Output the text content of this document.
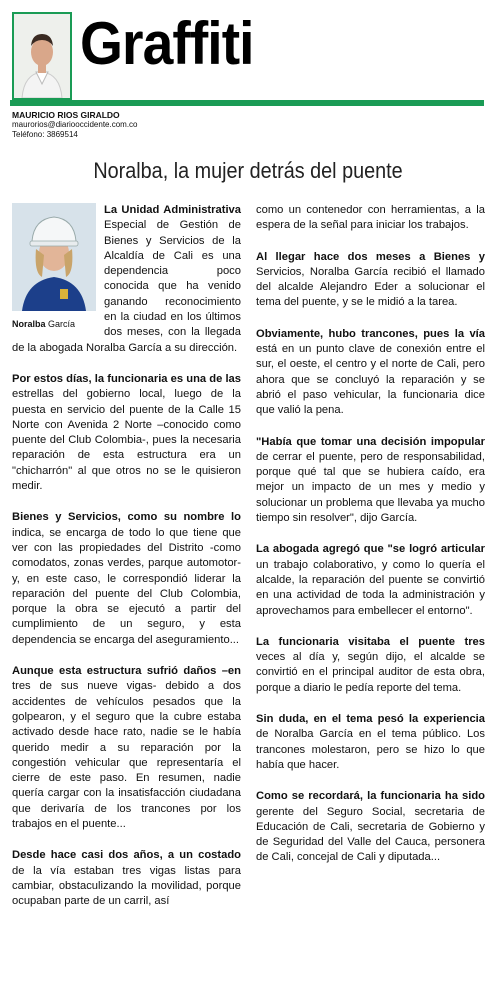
Graffiti
MAURICIO RIOS GIRALDO
maurorios@diariooccidente.com.co
Teléfono: 3869514
Noralba, la mujer detrás del puente
Noralba García

La Unidad Administrativa Especial de Gestión de Bienes y Servicios de la Alcaldía de Cali es una dependencia poco conocida que ha venido ganando reconocimiento en la ciudad en los últimos dos meses, con la llegada de la abogada Noralba García a su dirección.

Por estos días, la funcionaria es una de las estrellas del gobierno local, luego de la puesta en servicio del puente de la Calle 15 Norte con Avenida 2 Norte –conocido como puente del Club Colombia-, pues la necesaria reparación de esta estructura era un "chicharrón" al que otros no se le quisieron medir.

Bienes y Servicios, como su nombre lo indica, se encarga de todo lo que tiene que ver con las propiedades del Distrito -como comodatos, zonas verdes, parque automotor- y, en este caso, le correspondió liderar la reparación del puente del Club Colombia, porque la obra se ejecutó a partir del cumplimiento de un seguro, y esta dependencia se encarga del aseguramiento...

Aunque esta estructura sufrió daños –en tres de sus nueve vigas- debido a dos accidentes de vehículos pesados que la golpearon, y el seguro que la cubre estaba activado desde hace rato, nadie se le había querido medir a su reparación por la congestión vehicular que representaría el cierre de este paso. En resumen, nadie quería cargar con la insatisfacción ciudadana que derivaría de los trancones por los trabajos en el puente...

Desde hace casi dos años, a un costado de la vía estaban tres vigas listas para cambiar, obstaculizando la movilidad, porque ocupaban parte de un carril, así

como un contenedor con herramientas, a la espera de la señal para iniciar los trabajos.

Al llegar hace dos meses a Bienes y Servicios, Noralba García recibió el llamado del alcalde Alejandro Eder a solucionar el tema del puente, y se le midió a la tarea.

Obviamente, hubo trancones, pues la vía está en un punto clave de conexión entre el sur, el oeste, el centro y el norte de Cali, pero ahora que se concluyó la reparación y se abrió el paso vehicular, la funcionaria dice que valió la pena.

"Había que tomar una decisión impopular de cerrar el puente, pero de responsabilidad, porque qué tal que se hubiera caído, era mejor un impacto de un mes y medio y solucionar un problema que llevaba ya mucho tiempo sin resolver", dijo García.

La abogada agregó que "se logró articular un trabajo colaborativo, y como lo quería el alcalde, la reparación del puente se convirtió en una actividad de toda la administración y aprovechamos para embellecer el entorno".

La funcionaria visitaba el puente tres veces al día y, según dijo, el alcalde se convirtió en el principal auditor de esta obra, porque a diario le pedía reporte del tema.

Sin duda, en el tema pesó la experiencia de Noralba García en el tema público. Los trancones molestaron, pero se hizo lo que había que hacer.

Como se recordará, la funcionaria ha sido gerente del Seguro Social, secretaria de Educación de Cali, secretaria de Gobierno y de Seguridad del Valle del Cauca, personera de Cali, concejal de Cali y diputada...
